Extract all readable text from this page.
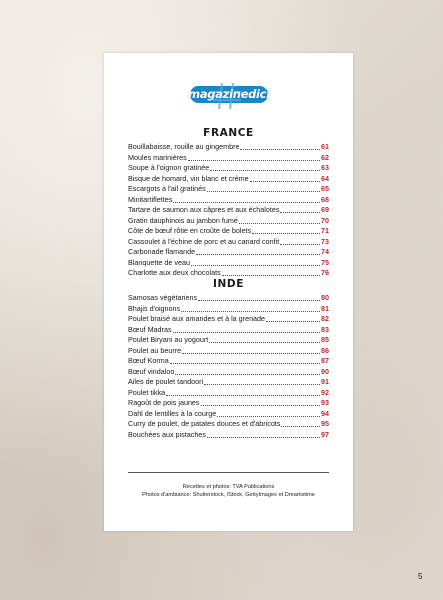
magazinedici
FRANCE
Bouillabaisse, rouille au gingembre	61
Moules marinières	62
Soupe à l'oignon gratinée	63
Bisque de homard, vin blanc et crème	64
Escargots à l'ail gratinés	65
Minitartiflettes	68
Tartare de saumon aux câpres et aux échalotes	69
Gratin dauphinois au jambon fumé	70
Côte de bœuf rôtie en croûte de bolets	71
Cassoulet à l'échine de porc et au canard confit	73
Carbonade flamande	74
Blanquette de veau	75
Charlotte aux deux chocolats	76
INDE
Samosas végétariens	80
Bhajis d'oignons	81
Poulet braisé aux amandes et à la grenade	82
Bœuf Madras	83
Poulet Biryani au yogourt	85
Poulet au beurre	86
Bœuf Korma	87
Bœuf vindaloo	90
Ailes de poulet tandoori	91
Poulet tikka	92
Ragoût de pois jaunes	93
Dahl de lentilles à la courge	94
Curry de poulet, de patates douces et d'abricots	95
Bouchées aux pistaches	97
Recettes et photos: TVA Publications
Photos d'ambiance: Shutterstock, iStock, GettyImages et Dreamstime
5
